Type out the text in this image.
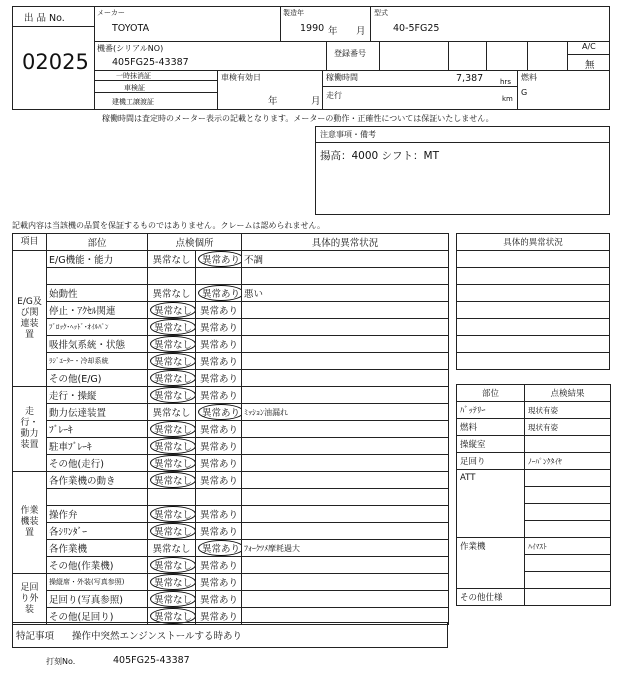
出 品 No.
02025
メーカー
TOYOTA
製造年
1990 年 月
型式
40-5FG25
機番(シリアルNO)
405FG25-43387
登録番号
A/C
無
一時抹消証
車検証
建機工譲渡証
車検有効日
年	月
稼働時間	7,387 hrs
走行	km
燃料
G
稼働時間は査定時のメーター表示の記載となります。メーターの動作・正確性については保証いたしません。
注意事項・備考
揚高：4000 シフト：MT
記載内容は当該機の品質を保証するものではありません。クレームは認められません。
項目	部位	点検個所		具体的異常状況
E/G及び関連装置	E/G機能・能力	異常なし	異常あり	不調

	始動性	異常なし	異常あり	悪い
	停止・ｱｸｾﾙ関連	異常なし	異常あり	
	ﾌﾞﾛｯｸ･ﾍｯﾄﾞ･ｵｲﾙﾊﾟﾝ	異常なし	異常あり	
	吸排気系統・状態	異常なし	異常あり	
	ﾗｼﾞｴｰﾀｰ・冷却系統	異常なし	異常あり	
	その他(E/G)	異常なし	異常あり	
走行・動力装置	走行・操縦	異常なし	異常あり	
	動力伝達装置	異常なし	異常あり	ﾐｯｼｮﾝ油漏れ
	ﾌﾞﾚｰｷ	異常なし	異常あり	
	駐車ﾌﾞﾚｰｷ	異常なし	異常あり	
	その他(走行)	異常なし	異常あり	
作業機装置	各作業機の動き	異常なし	異常あり	

	操作弁	異常なし	異常あり	
	各ｼﾘﾝﾀﾞｰ	異常なし	異常あり	
	各作業機	異常なし	異常あり	ﾌｫｰｸﾂﾒ摩耗過大
	その他(作業機)	異常なし	異常あり	
足回り外装	操縦席・外装(写真参照)	異常なし	異常あり	
	足回り(写真参照)	異常なし	異常あり	
	その他(足回り)	異常なし	異常あり	
具体的異常状況

部位	点検結果
ﾊﾞｯﾃﾘｰ	現状有姿
燃料	現状有姿
操縦室	
足回り	ﾉｰﾊﾟﾝｸﾀｲﾔ
ATT	

作業機	ﾊｲﾏｽﾄ

その他仕様	
特記事項 操作中突然エンジンストールする時あり
打刻No.	405FG25-43387
